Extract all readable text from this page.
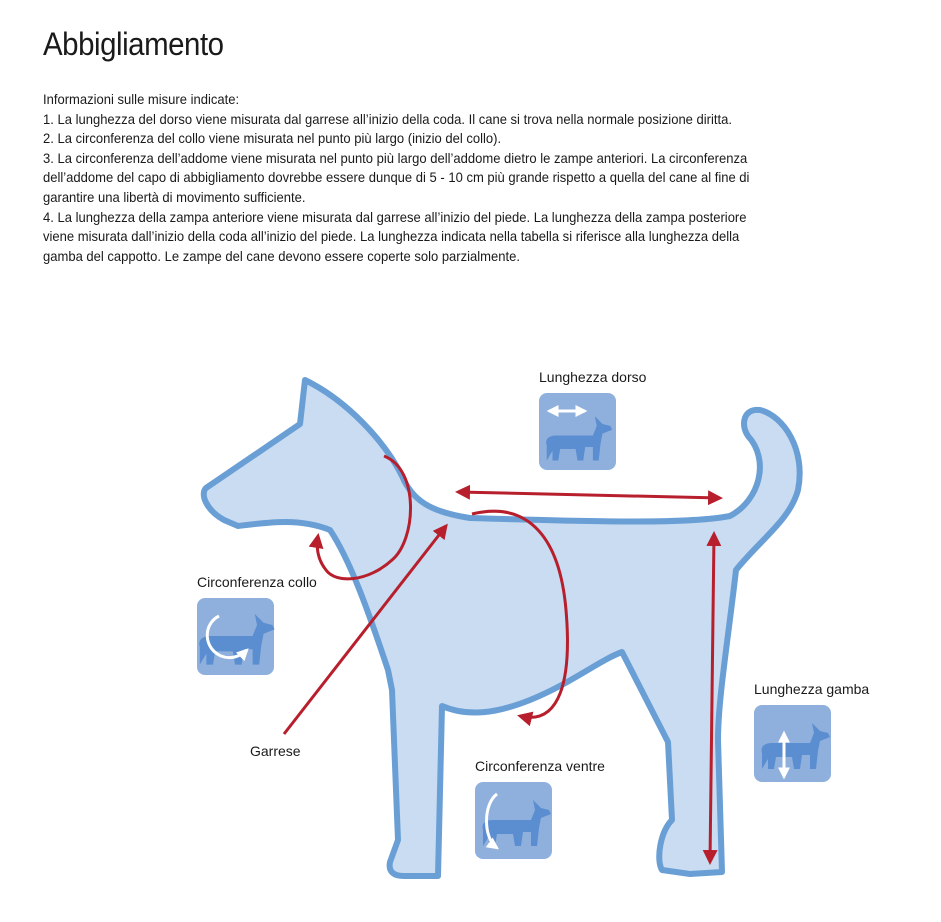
Abbigliamento

Informazioni sulle misure indicate:

1. La lunghezza del dorso viene misurata dal garrese all’inizio della coda. Il cane si trova nella normale posizione diritta.

2. La circonferenza del collo viene misurata nel punto più largo (inizio del collo).

3. La circonferenza dell’addome viene misurata nel punto più largo dell’addome dietro le zampe anteriori. La circonferenza

dell’addome del capo di abbigliamento dovrebbe essere dunque di 5 - 10 cm più grande rispetto a quella del cane al fine di

garantire una libertà di movimento sufficiente.

4. La lunghezza della zampa anteriore viene misurata dal garrese all’inizio del piede. La lunghezza della zampa posteriore

viene misurata dall’inizio della coda all’inizio del piede. La lunghezza indicata nella tabella si riferisce alla lunghezza della

gamba del cappotto. Le zampe del cane devono essere coperte solo parzialmente.

Lunghezza dorso
Circonferenza collo
Garrese
Circonferenza ventre
Lunghezza gamba
